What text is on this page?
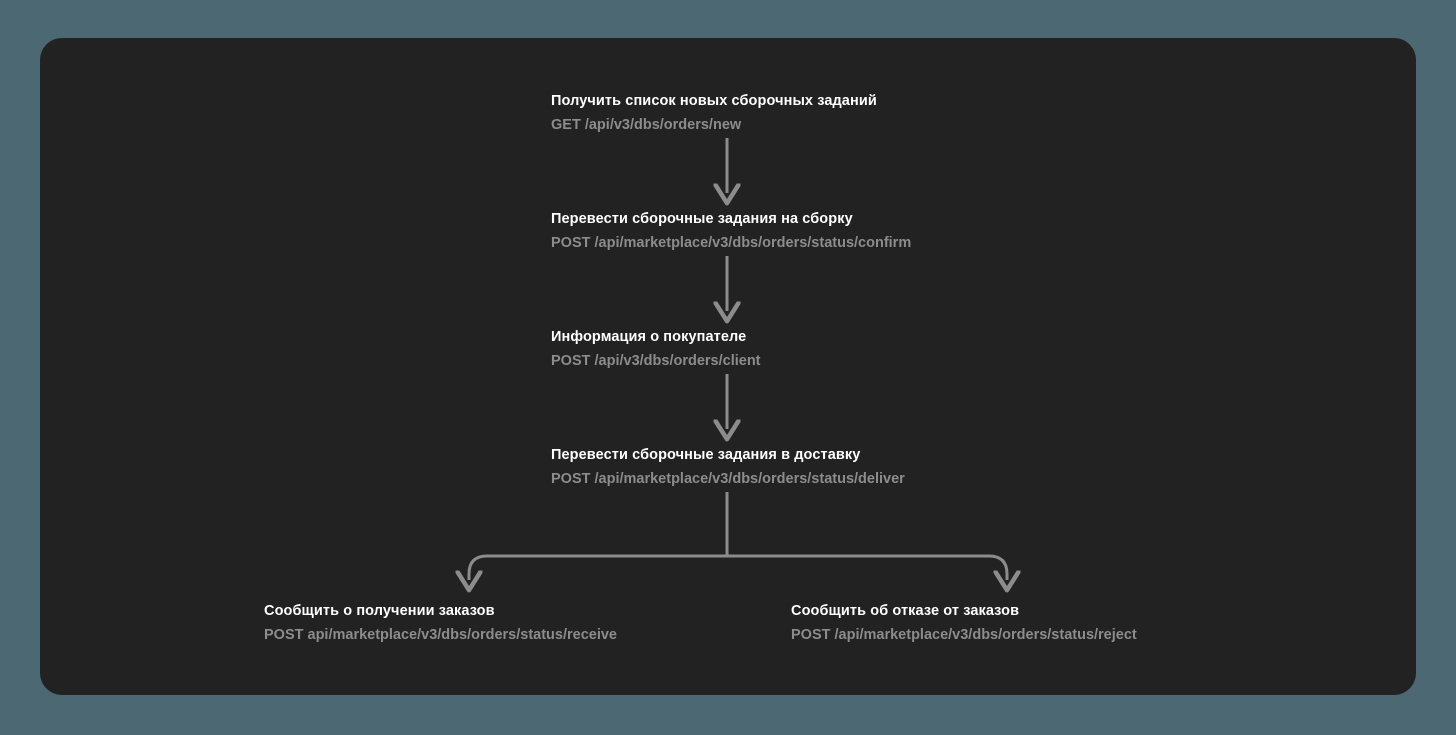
Получить список новых сборочных заданий
GET /api/v3/dbs/orders/new
Перевести сборочные задания на сборку
POST /api/marketplace/v3/dbs/orders/status/confirm
Информация о покупателе
POST /api/v3/dbs/orders/client
Перевести сборочные задания в доставку
POST /api/marketplace/v3/dbs/orders/status/deliver
Сообщить о получении заказов
POST api/marketplace/v3/dbs/orders/status/receive
Сообщить об отказе от заказов
POST /api/marketplace/v3/dbs/orders/status/reject
